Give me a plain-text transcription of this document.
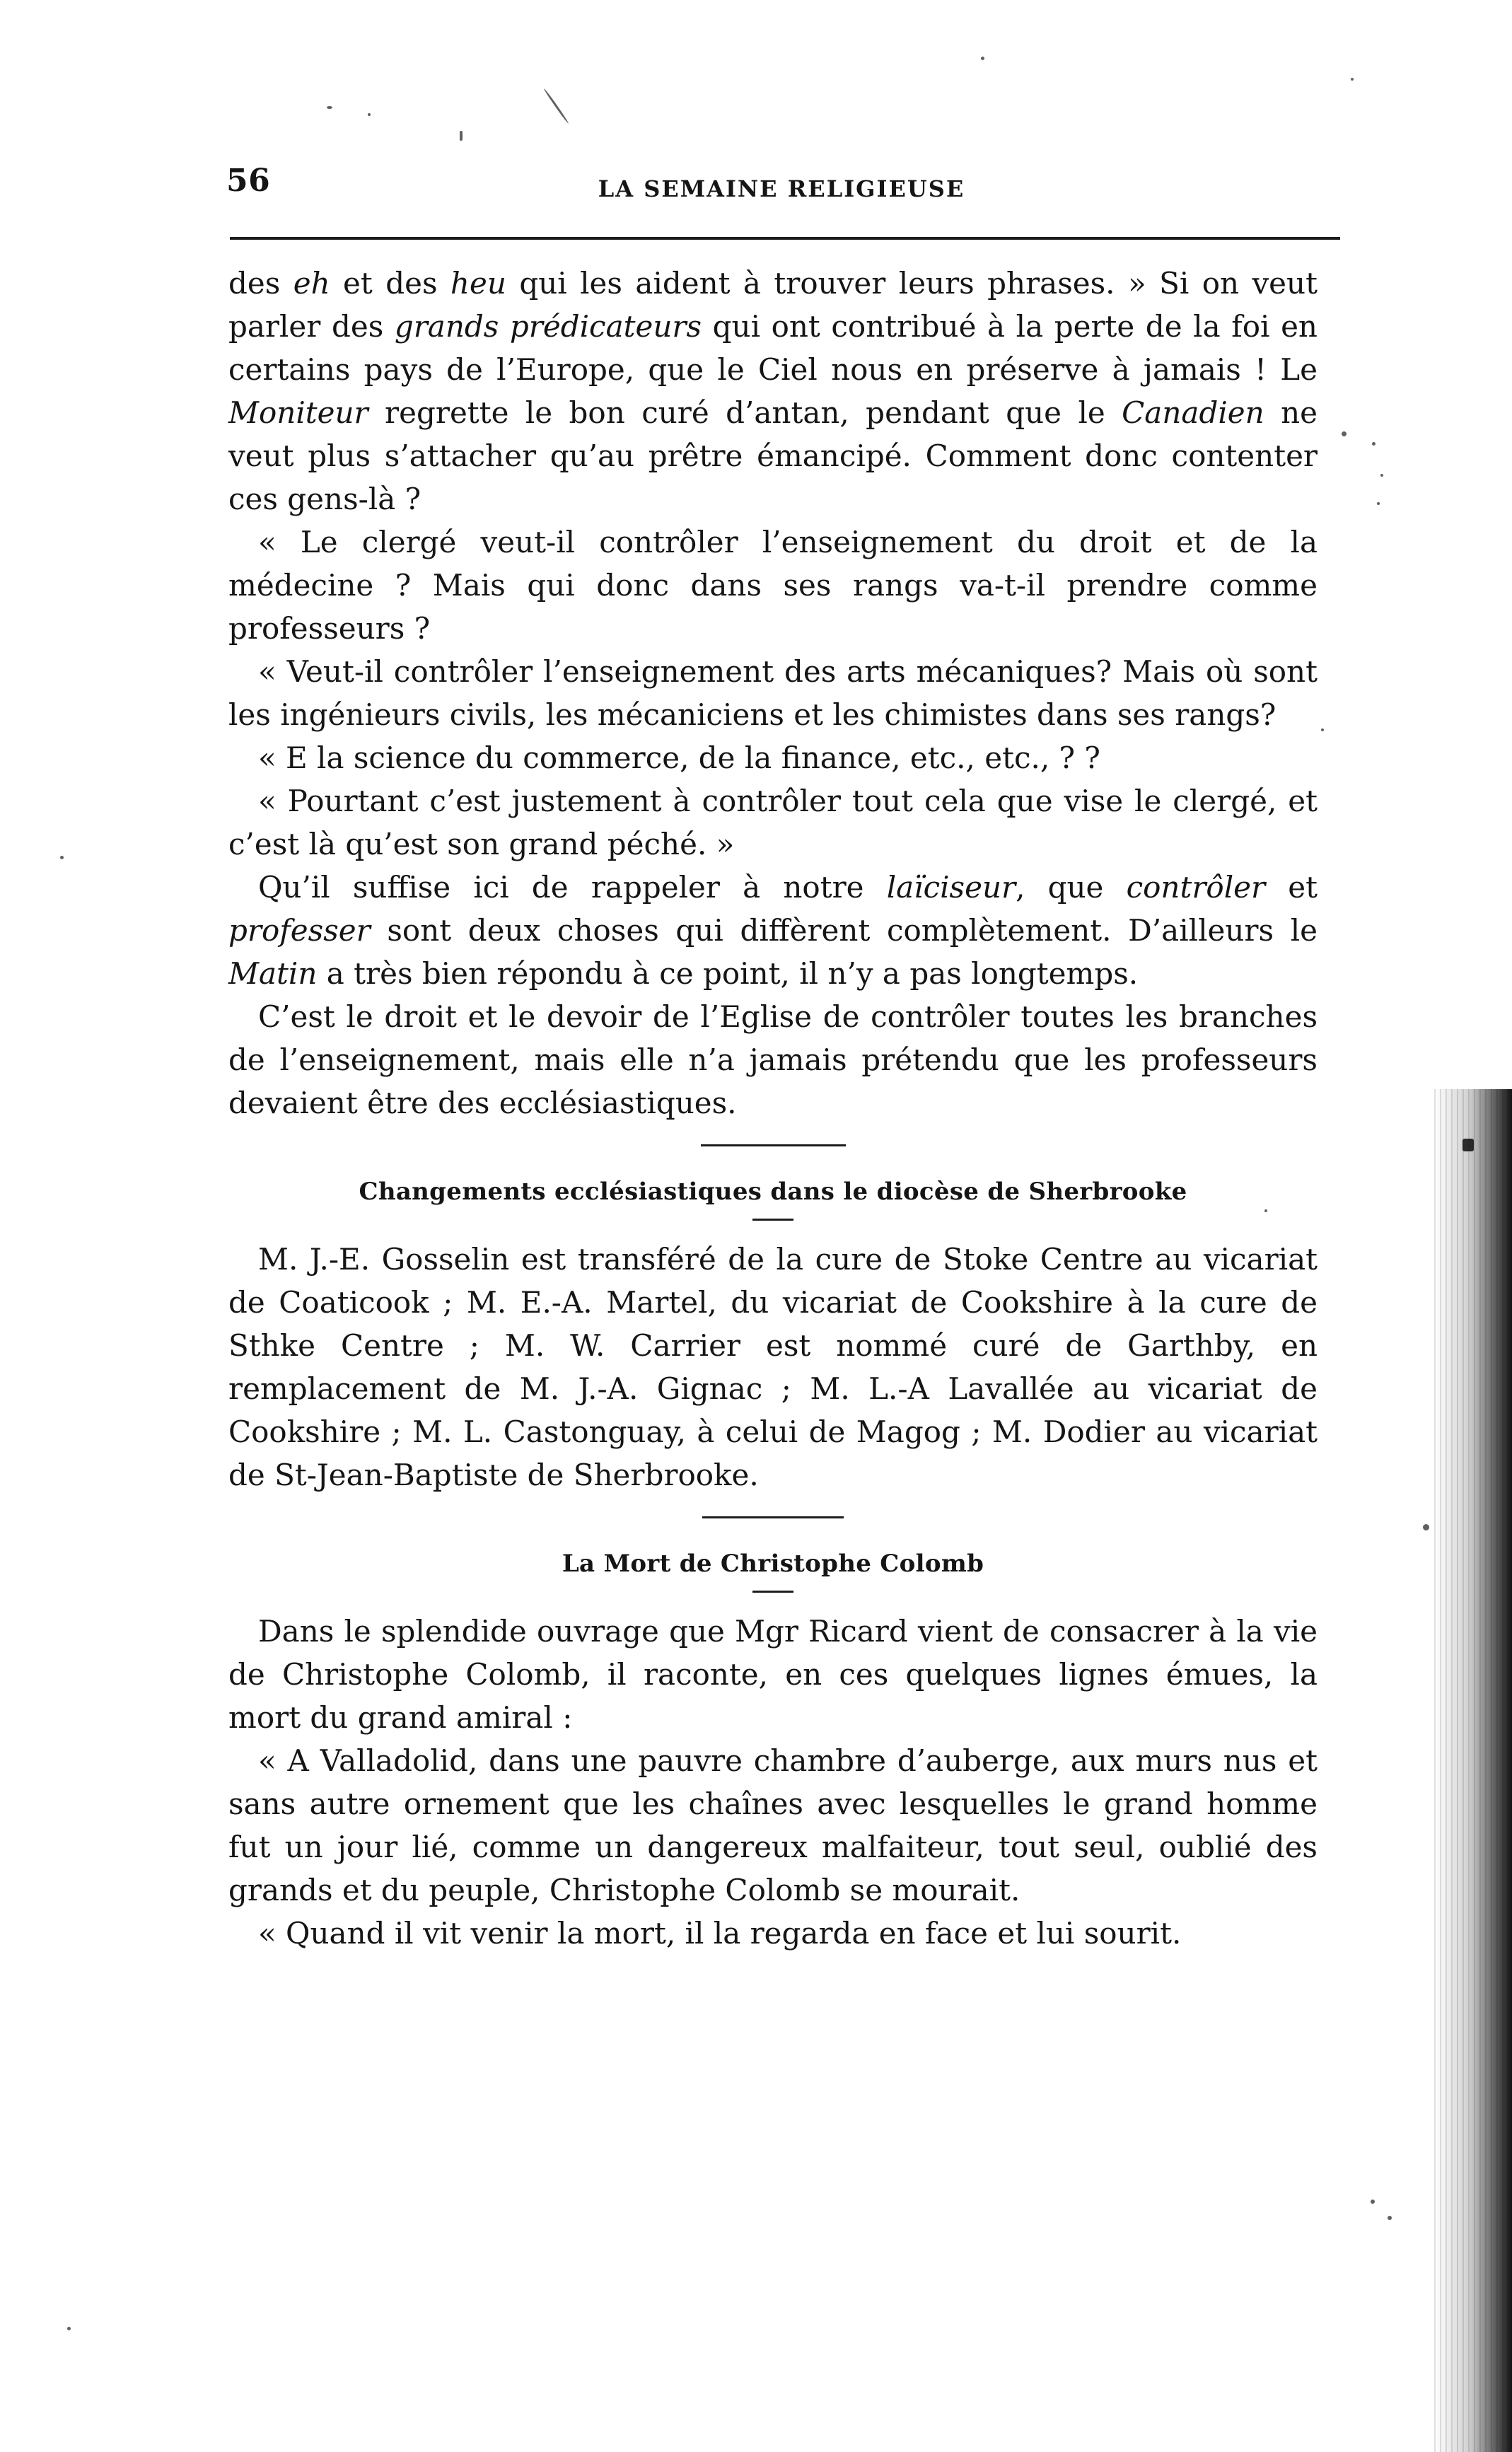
56	LA SEMAINE RELIGIEUSE

des eh et des heu qui les aident à trouver leurs phrases. » Si on veut parler des grands prédicateurs qui ont contribué à la perte de la foi en certains pays de l’Europe, que le Ciel nous en préserve à jamais ! Le Moniteur regrette le bon curé d’antan, pendant que le Canadien ne veut plus s’attacher qu’au prêtre émancipé. Comment donc contenter ces gens-là ?

« Le clergé veut-il contrôler l’enseignement du droit et de la médecine ? Mais qui donc dans ses rangs va-t-il prendre comme professeurs ?

« Veut-il contrôler l’enseignement des arts mécaniques? Mais où sont les ingénieurs civils, les mécaniciens et les chimistes dans ses rangs?

« E la science du commerce, de la finance, etc., etc., ? ?

« Pourtant c’est justement à contrôler tout cela que vise le clergé, et c’est là qu’est son grand péché. »

Qu’il suffise ici de rappeler à notre laïciseur, que contrôler et professer sont deux choses qui diffèrent complètement. D’ailleurs le Matin a très bien répondu à ce point, il n’y a pas longtemps.

C’est le droit et le devoir de l’Eglise de contrôler toutes les branches de l’enseignement, mais elle n’a jamais prétendu que les professeurs devaient être des ecclésiastiques.

Changements ecclésiastiques dans le diocèse de Sherbrooke

M. J.-E. Gosselin est transféré de la cure de Stoke Centre au vicariat de Coaticook ; M. E.-A. Martel, du vicariat de Cookshire à la cure de Sthke Centre ; M. W. Carrier est nommé curé de Garthby, en remplacement de M. J.-A. Gignac ; M. L.-A Lavallée au vicariat de Cookshire ; M. L. Castonguay, à celui de Magog ; M. Dodier au vicariat de St-Jean-Baptiste de Sherbrooke.

La Mort de Christophe Colomb

Dans le splendide ouvrage que Mgr Ricard vient de consacrer à la vie de Christophe Colomb, il raconte, en ces quelques lignes émues, la mort du grand amiral :

« A Valladolid, dans une pauvre chambre d’auberge, aux murs nus et sans autre ornement que les chaînes avec lesquelles le grand homme fut un jour lié, comme un dangereux malfaiteur, tout seul, oublié des grands et du peuple, Christophe Colomb se mourait.

« Quand il vit venir la mort, il la regarda en face et lui sourit.
